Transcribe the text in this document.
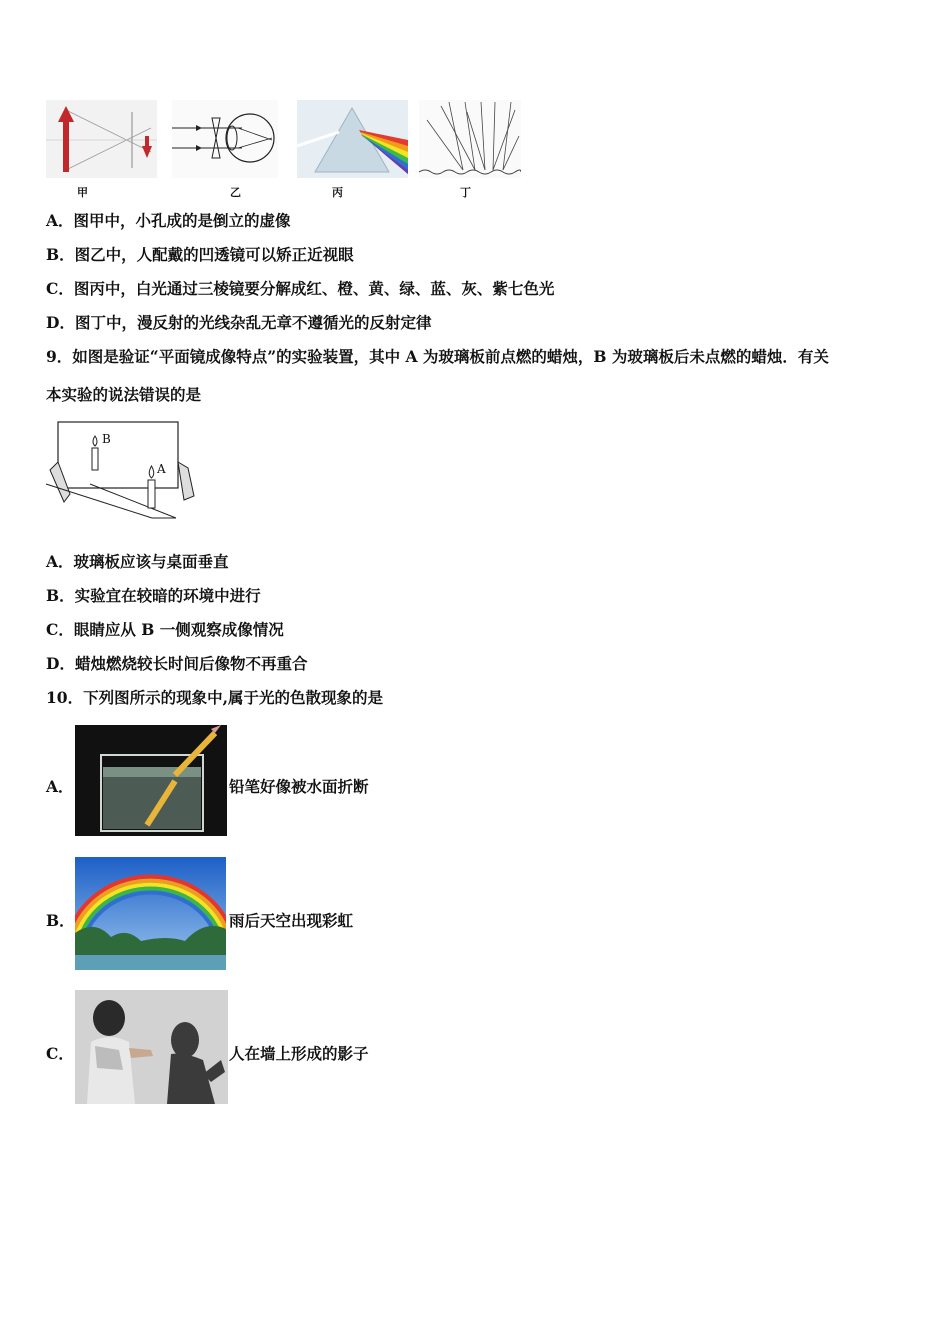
甲	乙	丙	丁
A．图甲中，小孔成的是倒立的虚像
B．图乙中，人配戴的凹透镜可以矫正近视眼
C．图丙中，白光通过三棱镜要分解成红、橙、黄、绿、蓝、灰、紫七色光
D．图丁中，漫反射的光线杂乱无章不遵循光的反射定律
9．如图是验证“平面镜成像特点”的实验装置，其中 A 为玻璃板前点燃的蜡烛，B 为玻璃板后未点燃的蜡烛．有关
本实验的说法错误的是
B
A
A．玻璃板应该与桌面垂直
B．实验宜在较暗的环境中进行
C．眼睛应从 B 一侧观察成像情况
D．蜡烛燃烧较长时间后像物不再重合
10．下列图所示的现象中,属于光的色散现象的是
A．	铅笔好像被水面折断
B．	雨后天空出现彩虹
C．	人在墙上形成的影子
